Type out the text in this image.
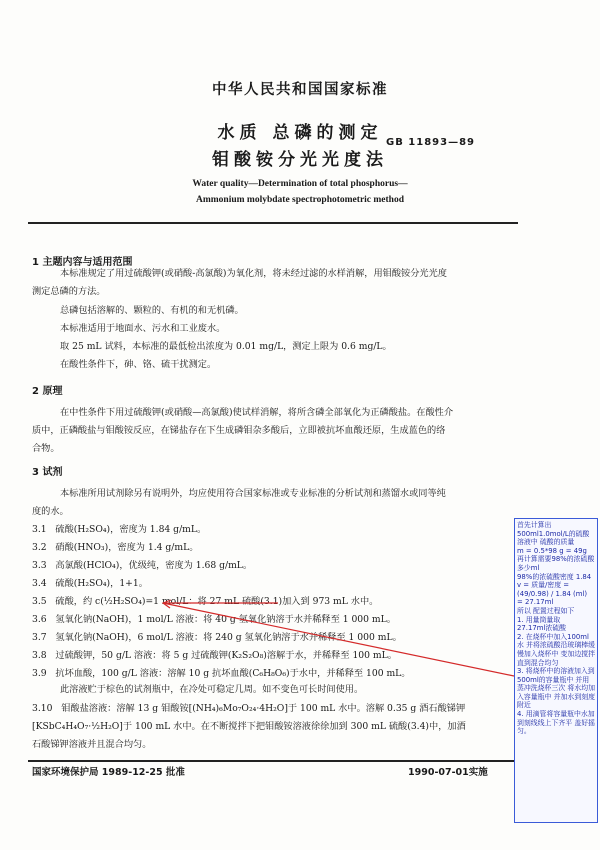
中华人民共和国国家标准
水质 总磷的测定
钼酸铵分光光度法
GB 11893—89
Water quality—Determination of total phosphorus—
Ammonium molybdate spectrophotometric method
1 主题内容与适用范围
本标准规定了用过硫酸钾(或硝酸-高氯酸)为氧化剂，将未经过滤的水样消解，用钼酸铵分光光度
测定总磷的方法。
总磷包括溶解的、颗粒的、有机的和无机磷。
本标准适用于地面水、污水和工业废水。
取 25 mL 试料，本标准的最低检出浓度为 0.01 mg/L，测定上限为 0.6 mg/L。
在酸性条件下，砷、铬、硫干扰测定。
2 原理
在中性条件下用过硫酸钾(或硝酸—高氯酸)使试样消解，将所含磷全部氧化为正磷酸盐。在酸性介
质中，正磷酸盐与钼酸铵反应，在锑盐存在下生成磷钼杂多酸后，立即被抗坏血酸还原，生成蓝色的络
合物。
3 试剂
本标准所用试剂除另有说明外，均应使用符合国家标准或专业标准的分析试剂和蒸馏水或同等纯
度的水。
3.1 硫酸(H₂SO₄)，密度为 1.84 g/mL。
3.2 硝酸(HNO₃)，密度为 1.4 g/mL。
3.3 高氯酸(HClO₄)，优级纯，密度为 1.68 g/mL。
3.4 硫酸(H₂SO₄)，1+1。
3.5 硫酸，约 c(½H₂SO₄)=1 mol/L：将 27 mL 硫酸(3.1)加入到 973 mL 水中。
3.6 氢氧化钠(NaOH)，1 mol/L 溶液：将 40 g 氢氧化钠溶于水并稀释至 1 000 mL。
3.7 氢氧化钠(NaOH)，6 mol/L 溶液：将 240 g 氢氧化钠溶于水并稀释至 1 000 mL。
3.8 过硫酸钾，50 g/L 溶液：将 5 g 过硫酸钾(K₂S₂O₈)溶解于水，并稀释至 100 mL。
3.9 抗坏血酸，100 g/L 溶液：溶解 10 g 抗坏血酸(C₆H₈O₆)于水中，并稀释至 100 mL。
此溶液贮于棕色的试剂瓶中，在冷处可稳定几周。如不变色可长时间使用。
3.10 钼酸盐溶液：溶解 13 g 钼酸铵[(NH₄)₆Mo₇O₂₄·4H₂O]于 100 mL 水中。溶解 0.35 g 酒石酸锑钾
[KSbC₄H₄O₇·½H₂O]于 100 mL 水中。在不断搅拌下把钼酸铵溶液徐徐加到 300 mL 硫酸(3.4)中，加酒
石酸锑钾溶液并且混合均匀。
国家环境保护局 1989-12-25 批准	1990-07-01实施
首先计算出
500ml1.0mol/L的硫酸溶液中 硫酸的质量
m = 0.5*98 g = 49g
再计算需要98%的浓硫酸多少ml
98%的浓硫酸密度 1.84
v = 质量/密度 =
(49/0.98) / 1.84 (ml)
= 27.17ml
所以 配置过程如下
1. 用量筒量取
27.17ml浓硫酸
2. 在烧杯中加入100ml水 并将浓硫酸沿玻璃棒缓慢加入烧杯中 变加边搅拌直到混合均匀
3. 将烧杯中的溶液加入到500ml的容量瓶中 并用蒸冲洗烧杯三次 将水均加入容量瓶中 并加水到刻度附近
4. 用滴管将容量瓶中水加到刻线线上下齐平 盖好摇匀。
